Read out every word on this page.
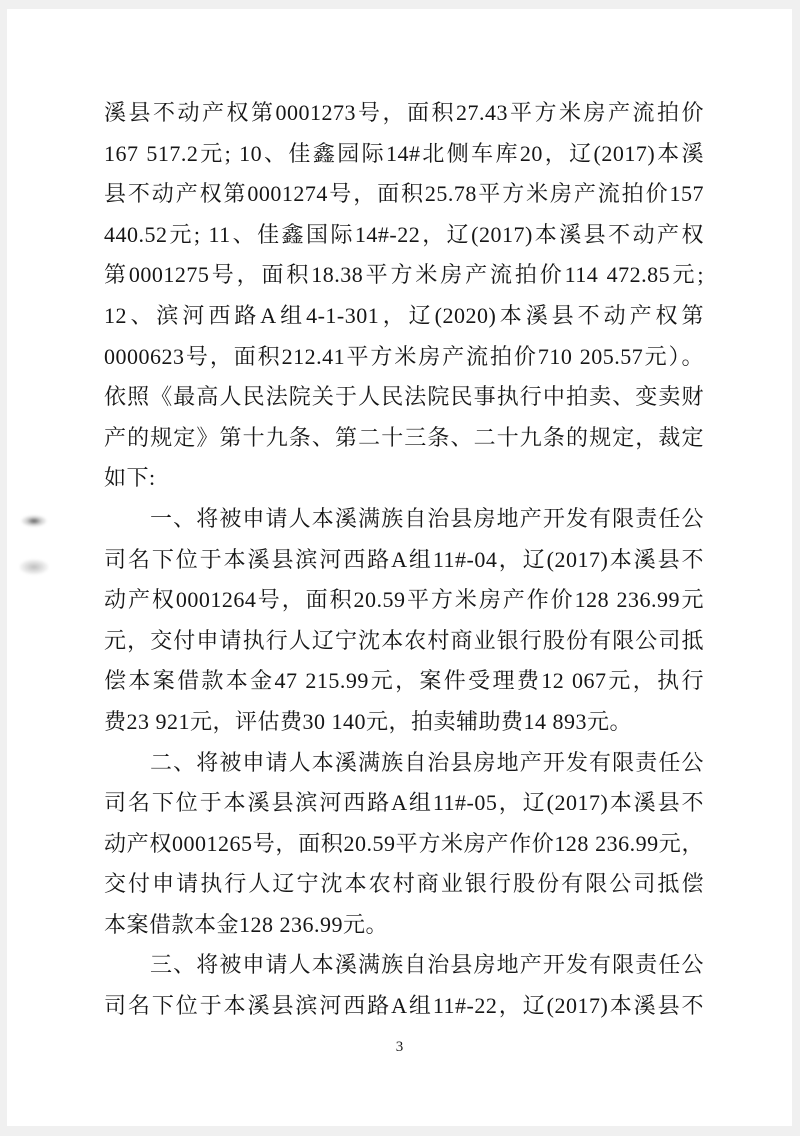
溪县不动产权第0001273号，面积27.43平方米房产流拍价
167 517.2元; 10、佳鑫园际14#北侧车库20，辽(2017)本溪
县不动产权第0001274号，面积25.78平方米房产流拍价157
440.52元; 11、佳鑫国际14#-22，辽(2017)本溪县不动产权
第0001275号，面积18.38平方米房产流拍价114 472.85元;
12、滨河西路A组4-1-301，辽(2020)本溪县不动产权第
0000623号，面积212.41平方米房产流拍价710 205.57元）。
依照《最高人民法院关于人民法院民事执行中拍卖、变卖财
产的规定》第十九条、第二十三条、二十九条的规定，裁定
如下:
一、将被申请人本溪满族自治县房地产开发有限责任公
司名下位于本溪县滨河西路A组11#-04，辽(2017)本溪县不
动产权0001264号，面积20.59平方米房产作价128 236.99元
元，交付申请执行人辽宁沈本农村商业银行股份有限公司抵
偿本案借款本金47 215.99元，案件受理费12 067元，执行
费23 921元，评估费30 140元，拍卖辅助费14 893元。
二、将被申请人本溪满族自治县房地产开发有限责任公
司名下位于本溪县滨河西路A组11#-05，辽(2017)本溪县不
动产权0001265号，面积20.59平方米房产作价128 236.99元，
交付申请执行人辽宁沈本农村商业银行股份有限公司抵偿
本案借款本金128 236.99元。
三、将被申请人本溪满族自治县房地产开发有限责任公
司名下位于本溪县滨河西路A组11#-22，辽(2017)本溪县不
3
